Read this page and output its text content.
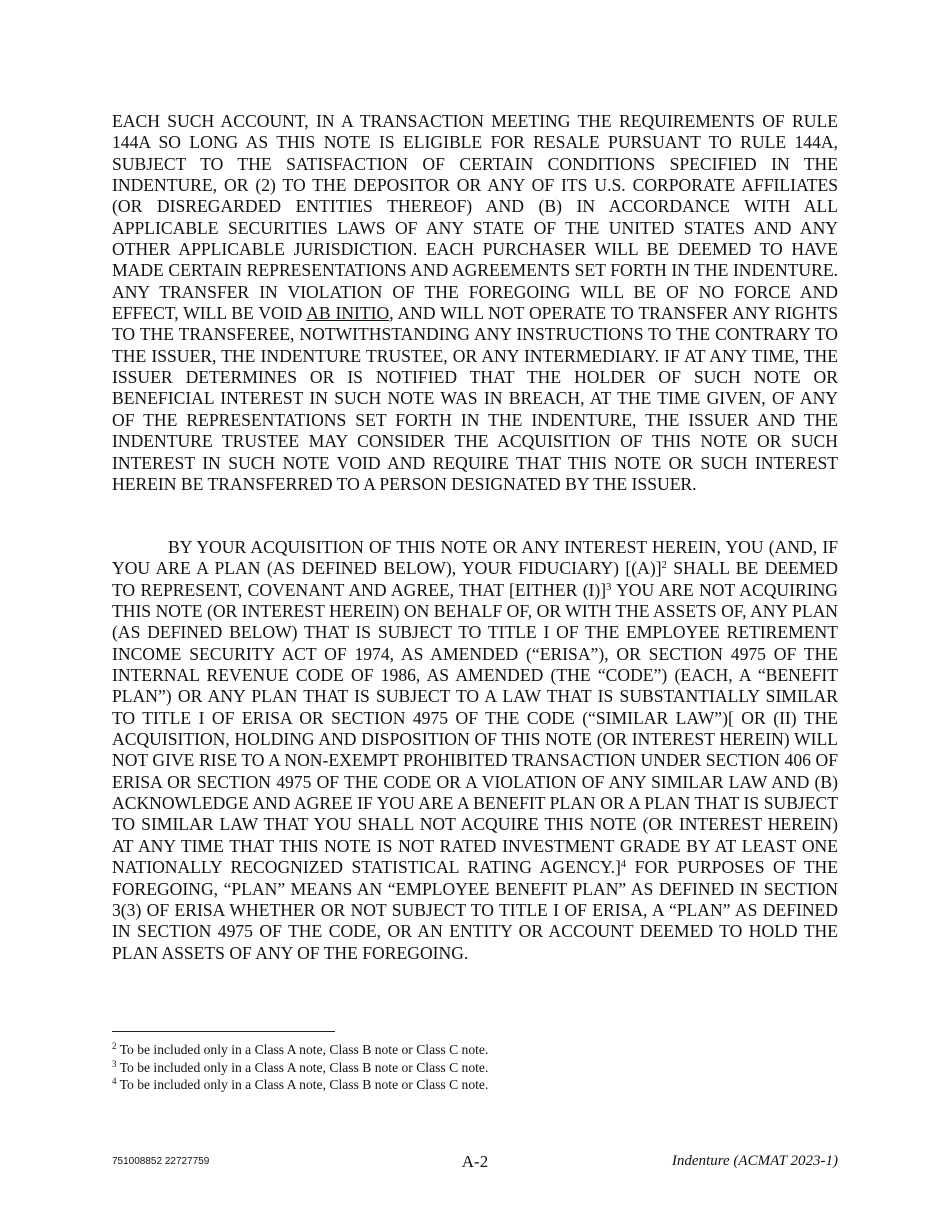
EACH SUCH ACCOUNT, IN A TRANSACTION MEETING THE REQUIREMENTS OF RULE 144A SO LONG AS THIS NOTE IS ELIGIBLE FOR RESALE PURSUANT TO RULE 144A, SUBJECT TO THE SATISFACTION OF CERTAIN CONDITIONS SPECIFIED IN THE INDENTURE, OR (2) TO THE DEPOSITOR OR ANY OF ITS U.S. CORPORATE AFFILIATES (OR DISREGARDED ENTITIES THEREOF) AND (B) IN ACCORDANCE WITH ALL APPLICABLE SECURITIES LAWS OF ANY STATE OF THE UNITED STATES AND ANY OTHER APPLICABLE JURISDICTION. EACH PURCHASER WILL BE DEEMED TO HAVE MADE CERTAIN REPRESENTATIONS AND AGREEMENTS SET FORTH IN THE INDENTURE. ANY TRANSFER IN VIOLATION OF THE FOREGOING WILL BE OF NO FORCE AND EFFECT, WILL BE VOID AB INITIO, AND WILL NOT OPERATE TO TRANSFER ANY RIGHTS TO THE TRANSFEREE, NOTWITHSTANDING ANY INSTRUCTIONS TO THE CONTRARY TO THE ISSUER, THE INDENTURE TRUSTEE, OR ANY INTERMEDIARY. IF AT ANY TIME, THE ISSUER DETERMINES OR IS NOTIFIED THAT THE HOLDER OF SUCH NOTE OR BENEFICIAL INTEREST IN SUCH NOTE WAS IN BREACH, AT THE TIME GIVEN, OF ANY OF THE REPRESENTATIONS SET FORTH IN THE INDENTURE, THE ISSUER AND THE INDENTURE TRUSTEE MAY CONSIDER THE ACQUISITION OF THIS NOTE OR SUCH INTEREST IN SUCH NOTE VOID AND REQUIRE THAT THIS NOTE OR SUCH INTEREST HEREIN BE TRANSFERRED TO A PERSON DESIGNATED BY THE ISSUER.

BY YOUR ACQUISITION OF THIS NOTE OR ANY INTEREST HEREIN, YOU (AND, IF YOU ARE A PLAN (AS DEFINED BELOW), YOUR FIDUCIARY) $[(A)]^2$ SHALL BE DEEMED TO REPRESENT, COVENANT AND AGREE, THAT [EITHER (I)]$^3$ YOU ARE NOT ACQUIRING THIS NOTE (OR INTEREST HEREIN) ON BEHALF OF, OR WITH THE ASSETS OF, ANY PLAN (AS DEFINED BELOW) THAT IS SUBJECT TO TITLE I OF THE EMPLOYEE RETIREMENT INCOME SECURITY ACT OF 1974, AS AMENDED (“ERISA”), OR SECTION 4975 OF THE INTERNAL REVENUE CODE OF 1986, AS AMENDED (THE “CODE”) (EACH, A “BENEFIT PLAN”) OR ANY PLAN THAT IS SUBJECT TO A LAW THAT IS SUBSTANTIALLY SIMILAR TO TITLE I OF ERISA OR SECTION 4975 OF THE CODE (“SIMILAR LAW”)[ OR (II) THE ACQUISITION, HOLDING AND DISPOSITION OF THIS NOTE (OR INTEREST HEREIN) WILL NOT GIVE RISE TO A NON-EXEMPT PROHIBITED TRANSACTION UNDER SECTION 406 OF ERISA OR SECTION 4975 OF THE CODE OR A VIOLATION OF ANY SIMILAR LAW AND (B) ACKNOWLEDGE AND AGREE IF YOU ARE A BENEFIT PLAN OR A PLAN THAT IS SUBJECT TO SIMILAR LAW THAT YOU SHALL NOT ACQUIRE THIS NOTE (OR INTEREST HEREIN) AT ANY TIME THAT THIS NOTE IS NOT RATED INVESTMENT GRADE BY AT LEAST ONE NATIONALLY RECOGNIZED STATISTICAL RATING AGENCY.]$^4$ FOR PURPOSES OF THE FOREGOING, “PLAN” MEANS AN “EMPLOYEE BENEFIT PLAN” AS DEFINED IN SECTION 3(3) OF ERISA WHETHER OR NOT SUBJECT TO TITLE I OF ERISA, A “PLAN” AS DEFINED IN SECTION 4975 OF THE CODE, OR AN ENTITY OR ACCOUNT DEEMED TO HOLD THE PLAN ASSETS OF ANY OF THE FOREGOING.

$^2$ To be included only in a Class A note, Class B note or Class C note.
$^3$ To be included only in a Class A note, Class B note or Class C note.
$^4$ To be included only in a Class A note, Class B note or Class C note.
751008852 22727759	A-2	Indenture (ACMAT 2023-1)
